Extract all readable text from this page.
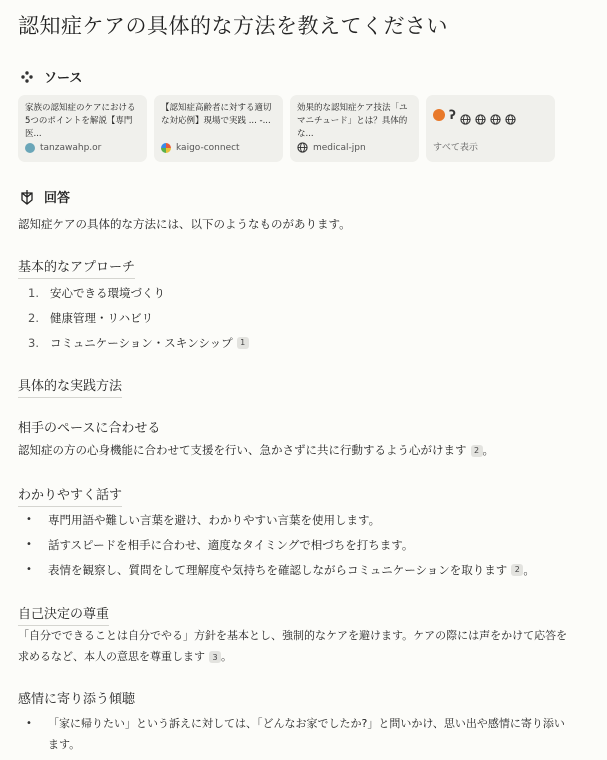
認知症ケアの具体的な方法を教えてください
ソース
家族の認知症のケアにおける5つのポイントを解説【専門医...
tanzawahp.or
【認知症高齢者に対する適切な対応例】現場で実践 ... -...
kaigo-connect
効果的な認知症ケア技法「ユマニチュード」とは？具体的な...
medical-jpn
ʔ
すべて表示
回答
認知症ケアの具体的な方法には、以下のようなものがあります。
基本的なアプローチ
1. 安心できる環境づくり
2. 健康管理・リハビリ
3. コミュニケーション・スキンシップ 1
具体的な実践方法
相手のペースに合わせる
認知症の方の心身機能に合わせて支援を行い、急かさずに共に行動するよう心がけます 2 。
わかりやすく話す
•	専門用語や難しい言葉を避け、わかりやすい言葉を使用します。
•	話すスピードを相手に合わせ、適度なタイミングで相づちを打ちます。
•	表情を観察し、質問をして理解度や気持ちを確認しながらコミュニケーションを取ります 2 。
自己決定の尊重
「自分でできることは自分でやる」方針を基本とし、強制的なケアを避けます。ケアの際には声をかけて応答を
求めるなど、本人の意思を尊重します 3 。
感情に寄り添う傾聴
•	「家に帰りたい」という訴えに対しては、「どんなお家でしたか?」と問いかけ、思い出や感情に寄り添い
ます。
